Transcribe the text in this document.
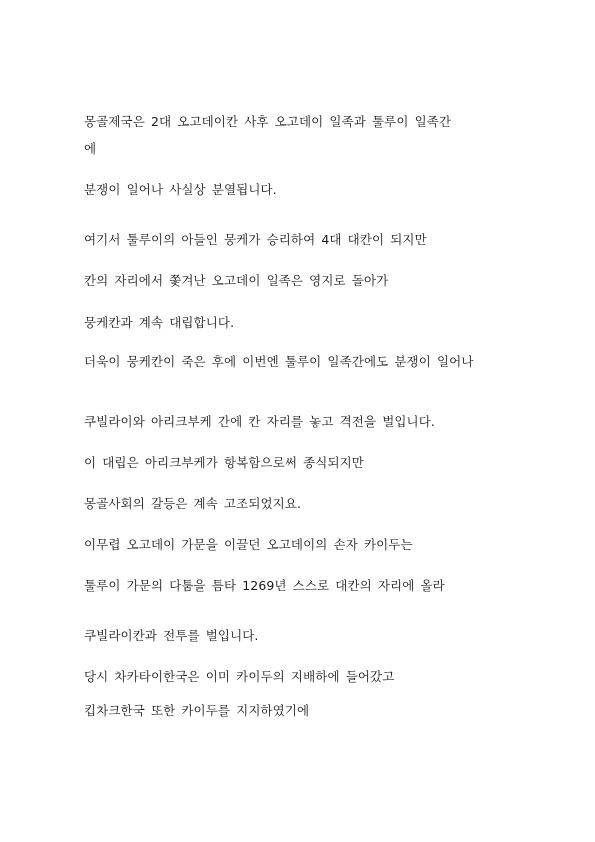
몽골제국은 2대 오고데이칸 사후 오고데이 일족과 툴루이 일족간
에
분쟁이 일어나 사실상 분열됩니다.
여기서 툴루이의 아들인 뭉케가 승리하여 4대 대칸이 되지만
칸의 자리에서 쫓겨난 오고데이 일족은 영지로 돌아가
뭉케칸과 계속 대립합니다.
더욱이 뭉케칸이 죽은 후에 이번엔 툴루이 일족간에도 분쟁이 일어나
쿠빌라이와 아리크부케 간에 칸 자리를 놓고 격전을 벌입니다.
이 대립은 아리크부케가 항복함으로써 종식되지만
몽골사회의 갈등은 계속 고조되었지요.
이무렵 오고데이 가문을 이끌던 오고데이의 손자 카이두는
툴루이 가문의 다툼을 틈타 1269년 스스로 대칸의 자리에 올라
쿠빌라이칸과 전투를 벌입니다.
당시 차카타이한국은 이미 카이두의 지배하에 들어갔고
킵차크한국 또한 카이두를 지지하였기에
